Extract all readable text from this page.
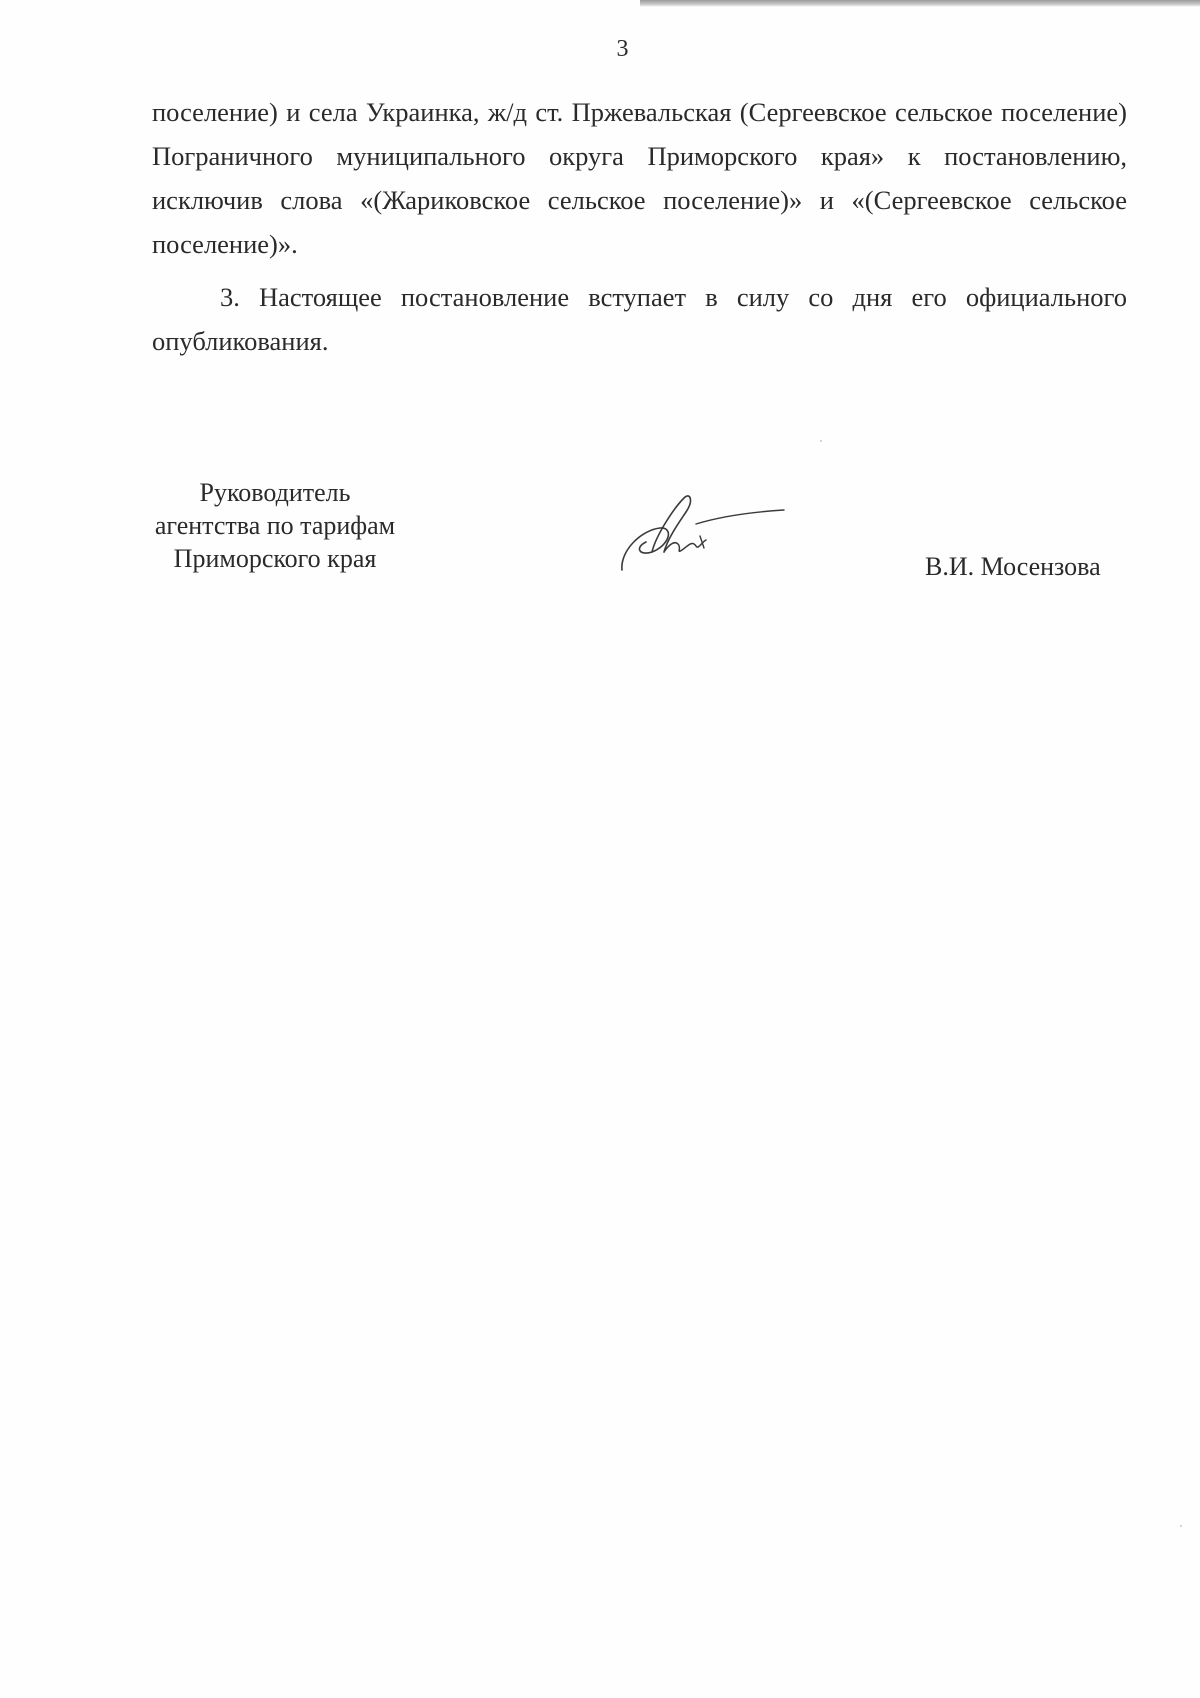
3

поселение) и села Украинка, ж/д ст. Пржевальская (Сергеевское сельское поселение) Пограничного муниципального округа Приморского края» к постановлению, исключив слова «(Жариковское сельское поселение)» и «(Сергеевское сельское поселение)».

3. Настоящее постановление вступает в силу со дня его официального опубликования.

Руководитель
агентства по тарифам
Приморского края	В.И. Мосензова
